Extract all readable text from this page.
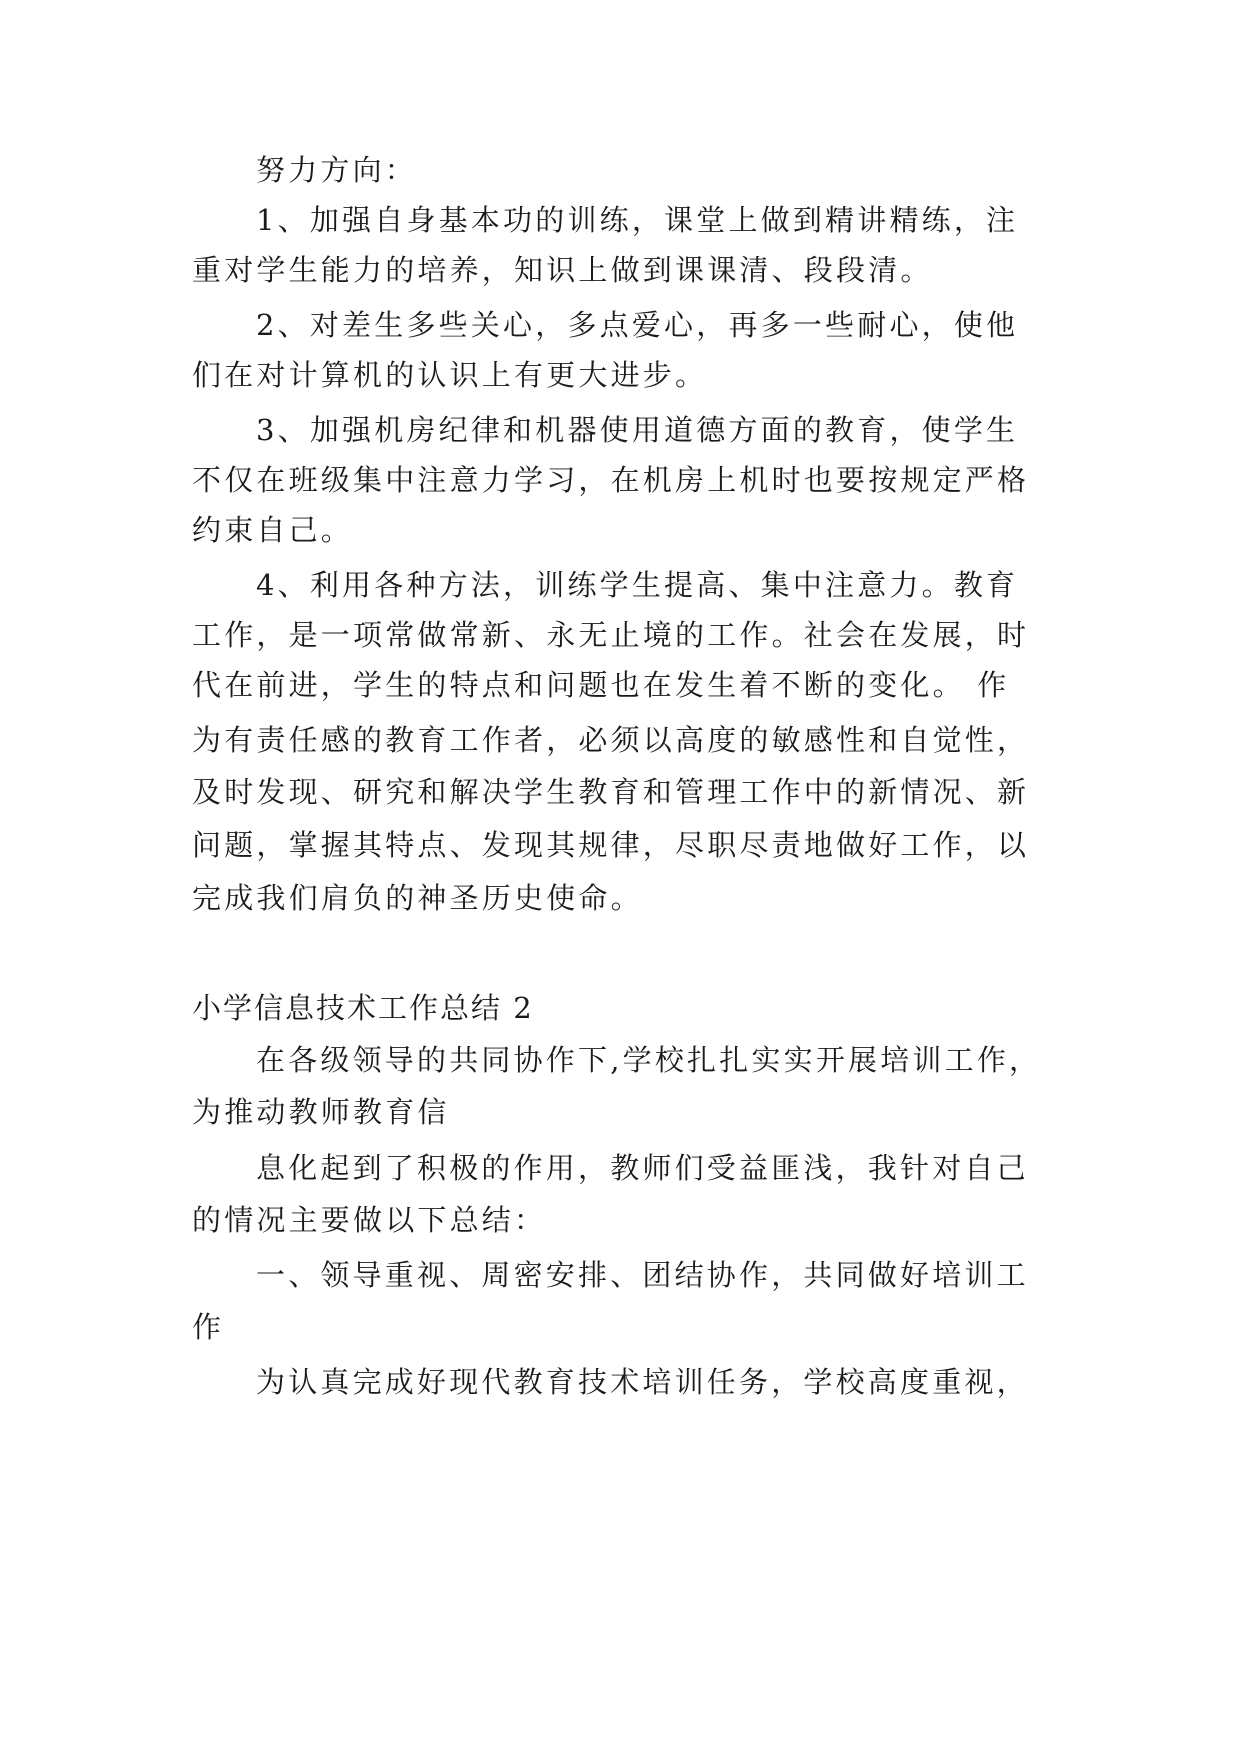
努力方向：
1、加强自身基本功的训练，课堂上做到精讲精练，注
重对学生能力的培养，知识上做到课课清、段段清。
2、对差生多些关心，多点爱心，再多一些耐心，使他
们在对计算机的认识上有更大进步。
3、加强机房纪律和机器使用道德方面的教育，使学生
不仅在班级集中注意力学习，在机房上机时也要按规定严格
约束自己。
4、利用各种方法，训练学生提高、集中注意力。教育
工作，是一项常做常新、永无止境的工作。社会在发展，时
代在前进，学生的特点和问题也在发生着不断的变化。 作
为有责任感的教育工作者，必须以高度的敏感性和自觉性，
及时发现、研究和解决学生教育和管理工作中的新情况、新
问题，掌握其特点、发现其规律，尽职尽责地做好工作，以
完成我们肩负的神圣历史使命。
小学信息技术工作总结 2
在各级领导的共同协作下,学校扎扎实实开展培训工作，
为推动教师教育信
息化起到了积极的作用，教师们受益匪浅，我针对自己
的情况主要做以下总结：
一、领导重视、周密安排、团结协作，共同做好培训工
作
为认真完成好现代教育技术培训任务，学校高度重视，
